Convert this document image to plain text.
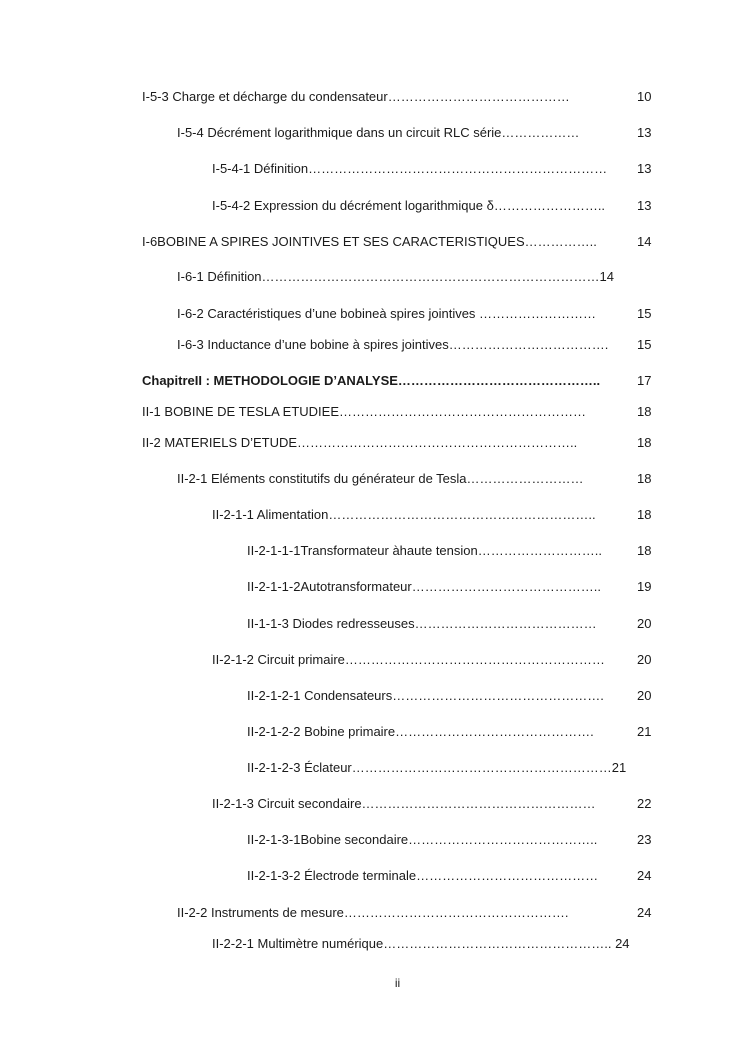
I-5-3 Charge et décharge du condensateur……………………………………	10
I-5-4 Décrément logarithmique dans un circuit RLC série………………	13
I-5-4-1 Définition…………………………………………………………… 13
I-5-4-2 Expression du décrément logarithmique δ…………………….. 13
I-6BOBINE A SPIRES JOINTIVES ET SES CARACTERISTIQUES……………..	14
I-6-1 Définition……………………………………………………………………14
I-6-2 Caractéristiques d’une bobineà spires jointives ………………………	15
I-6-3 Inductance d’une bobine à spires jointives………………………………. 15
ChapitreII : METHODOLOGIE D’ANALYSE………………………………………..	17
II-1 BOBINE DE TESLA ETUDIEE…………………………………………………	18
II-2 MATERIELS D’ETUDE………………………………………………………..	18
II-2-1 Eléments constitutifs du générateur de Tesla………………………	18
II-2-1-1 Alimentation……………………………………………………..	18
II-2-1-1-1Transformateur àhaute tension………………………..	18
II-2-1-1-2Autotransformateur……………………………………..	19
II-1-1-3 Diodes redresseuses……………………………………	20
II-2-1-2 Circuit primaire…………………………………………………… 20
II-2-1-2-1 Condensateurs………………………………………….	20
II-2-1-2-2 Bobine primaire……………………………………….	21
II-2-1-2-3 Éclateur……………………………………………………21
II-2-1-3 Circuit secondaire………………………………………………	22
II-2-1-3-1Bobine secondaire……………………………………..	23
II-2-1-3-2 Électrode terminale……………………………………	24
II-2-2 Instruments de mesure…………………………………………….	24
II-2-2-1 Multimètre numérique…………………………………………….. 24
ii
